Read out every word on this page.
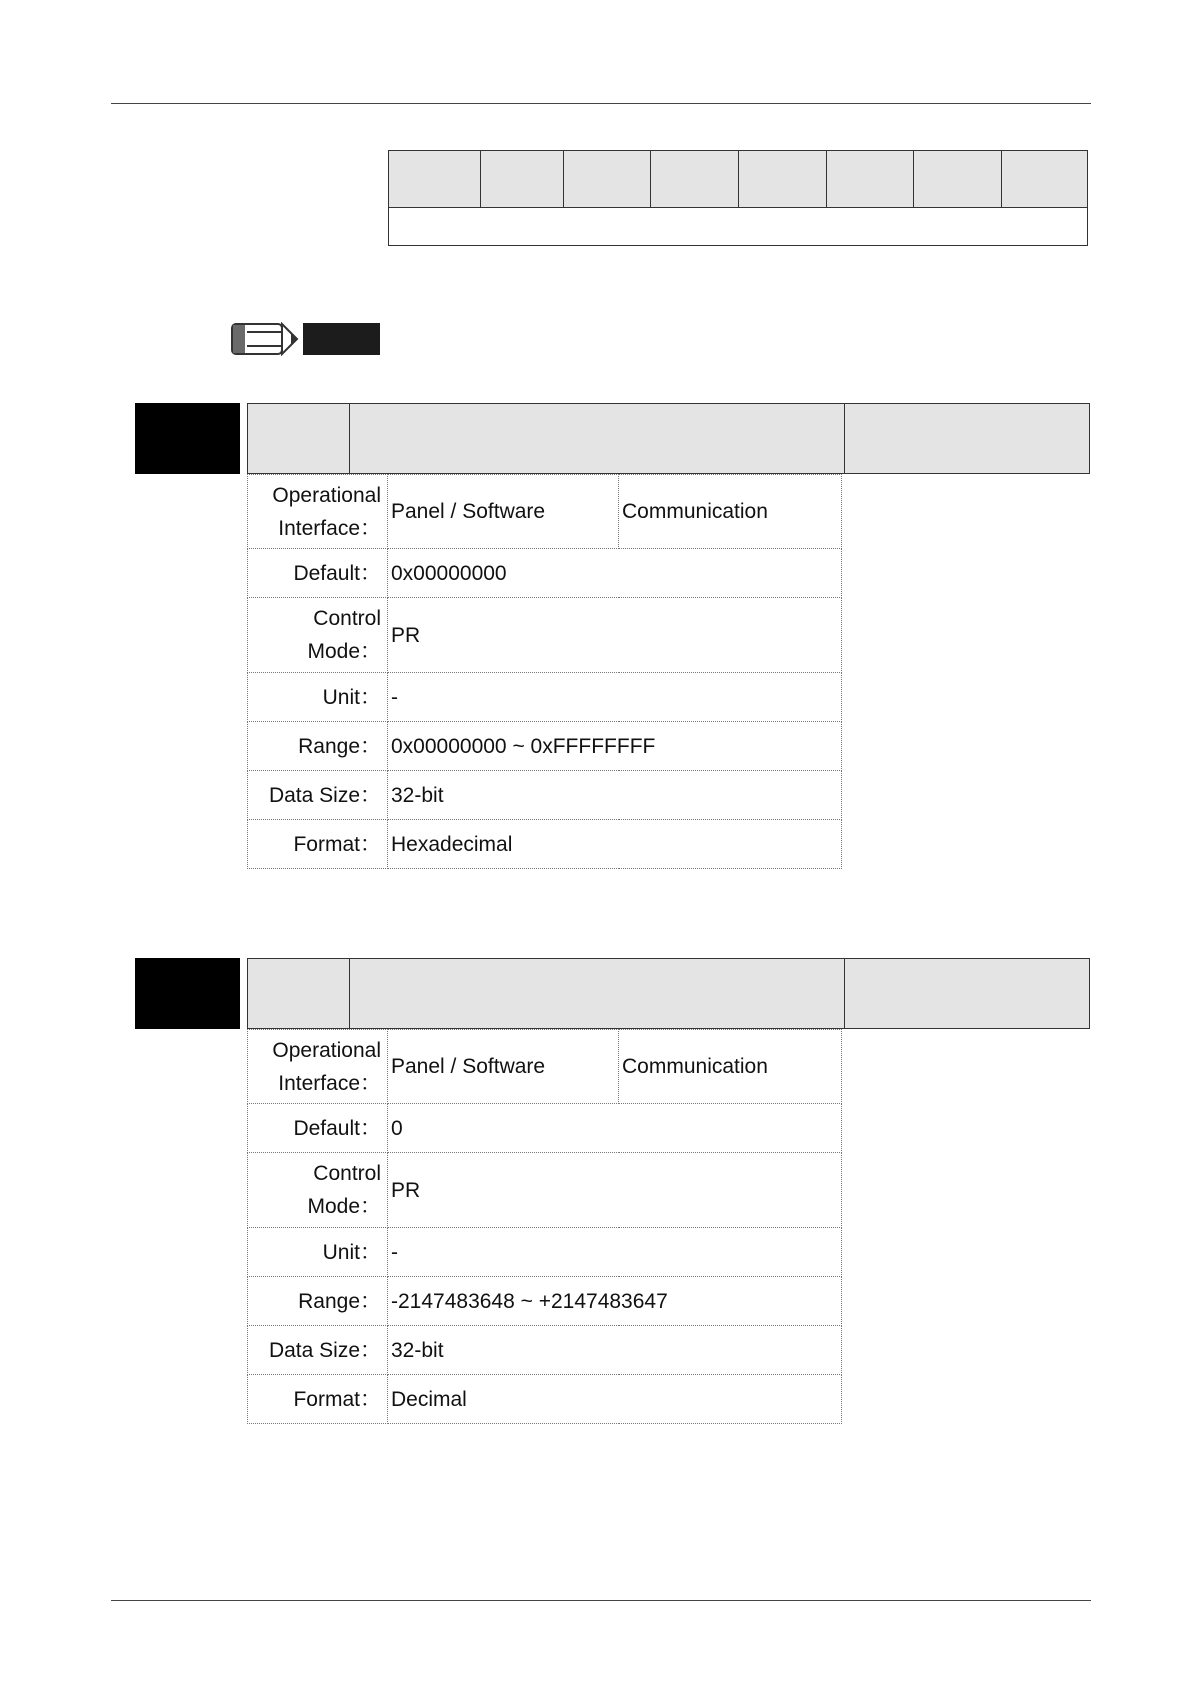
Operational
Interface：	Panel / Software	Communication
Default：	0x00000000	

Control
Mode：	PR	
Unit：	-	
Range：	0x00000000 ~ 0xFFFFFFFF	
Data Size：	32-bit	
Format：	Hexadecimal	
Operational
Interface：	Panel / Software	Communication
Default：	0	

Control
Mode：	PR	
Unit：	-	
Range：	-2147483648 ~ +2147483647	
Data Size：	32-bit	
Format：	Decimal	
